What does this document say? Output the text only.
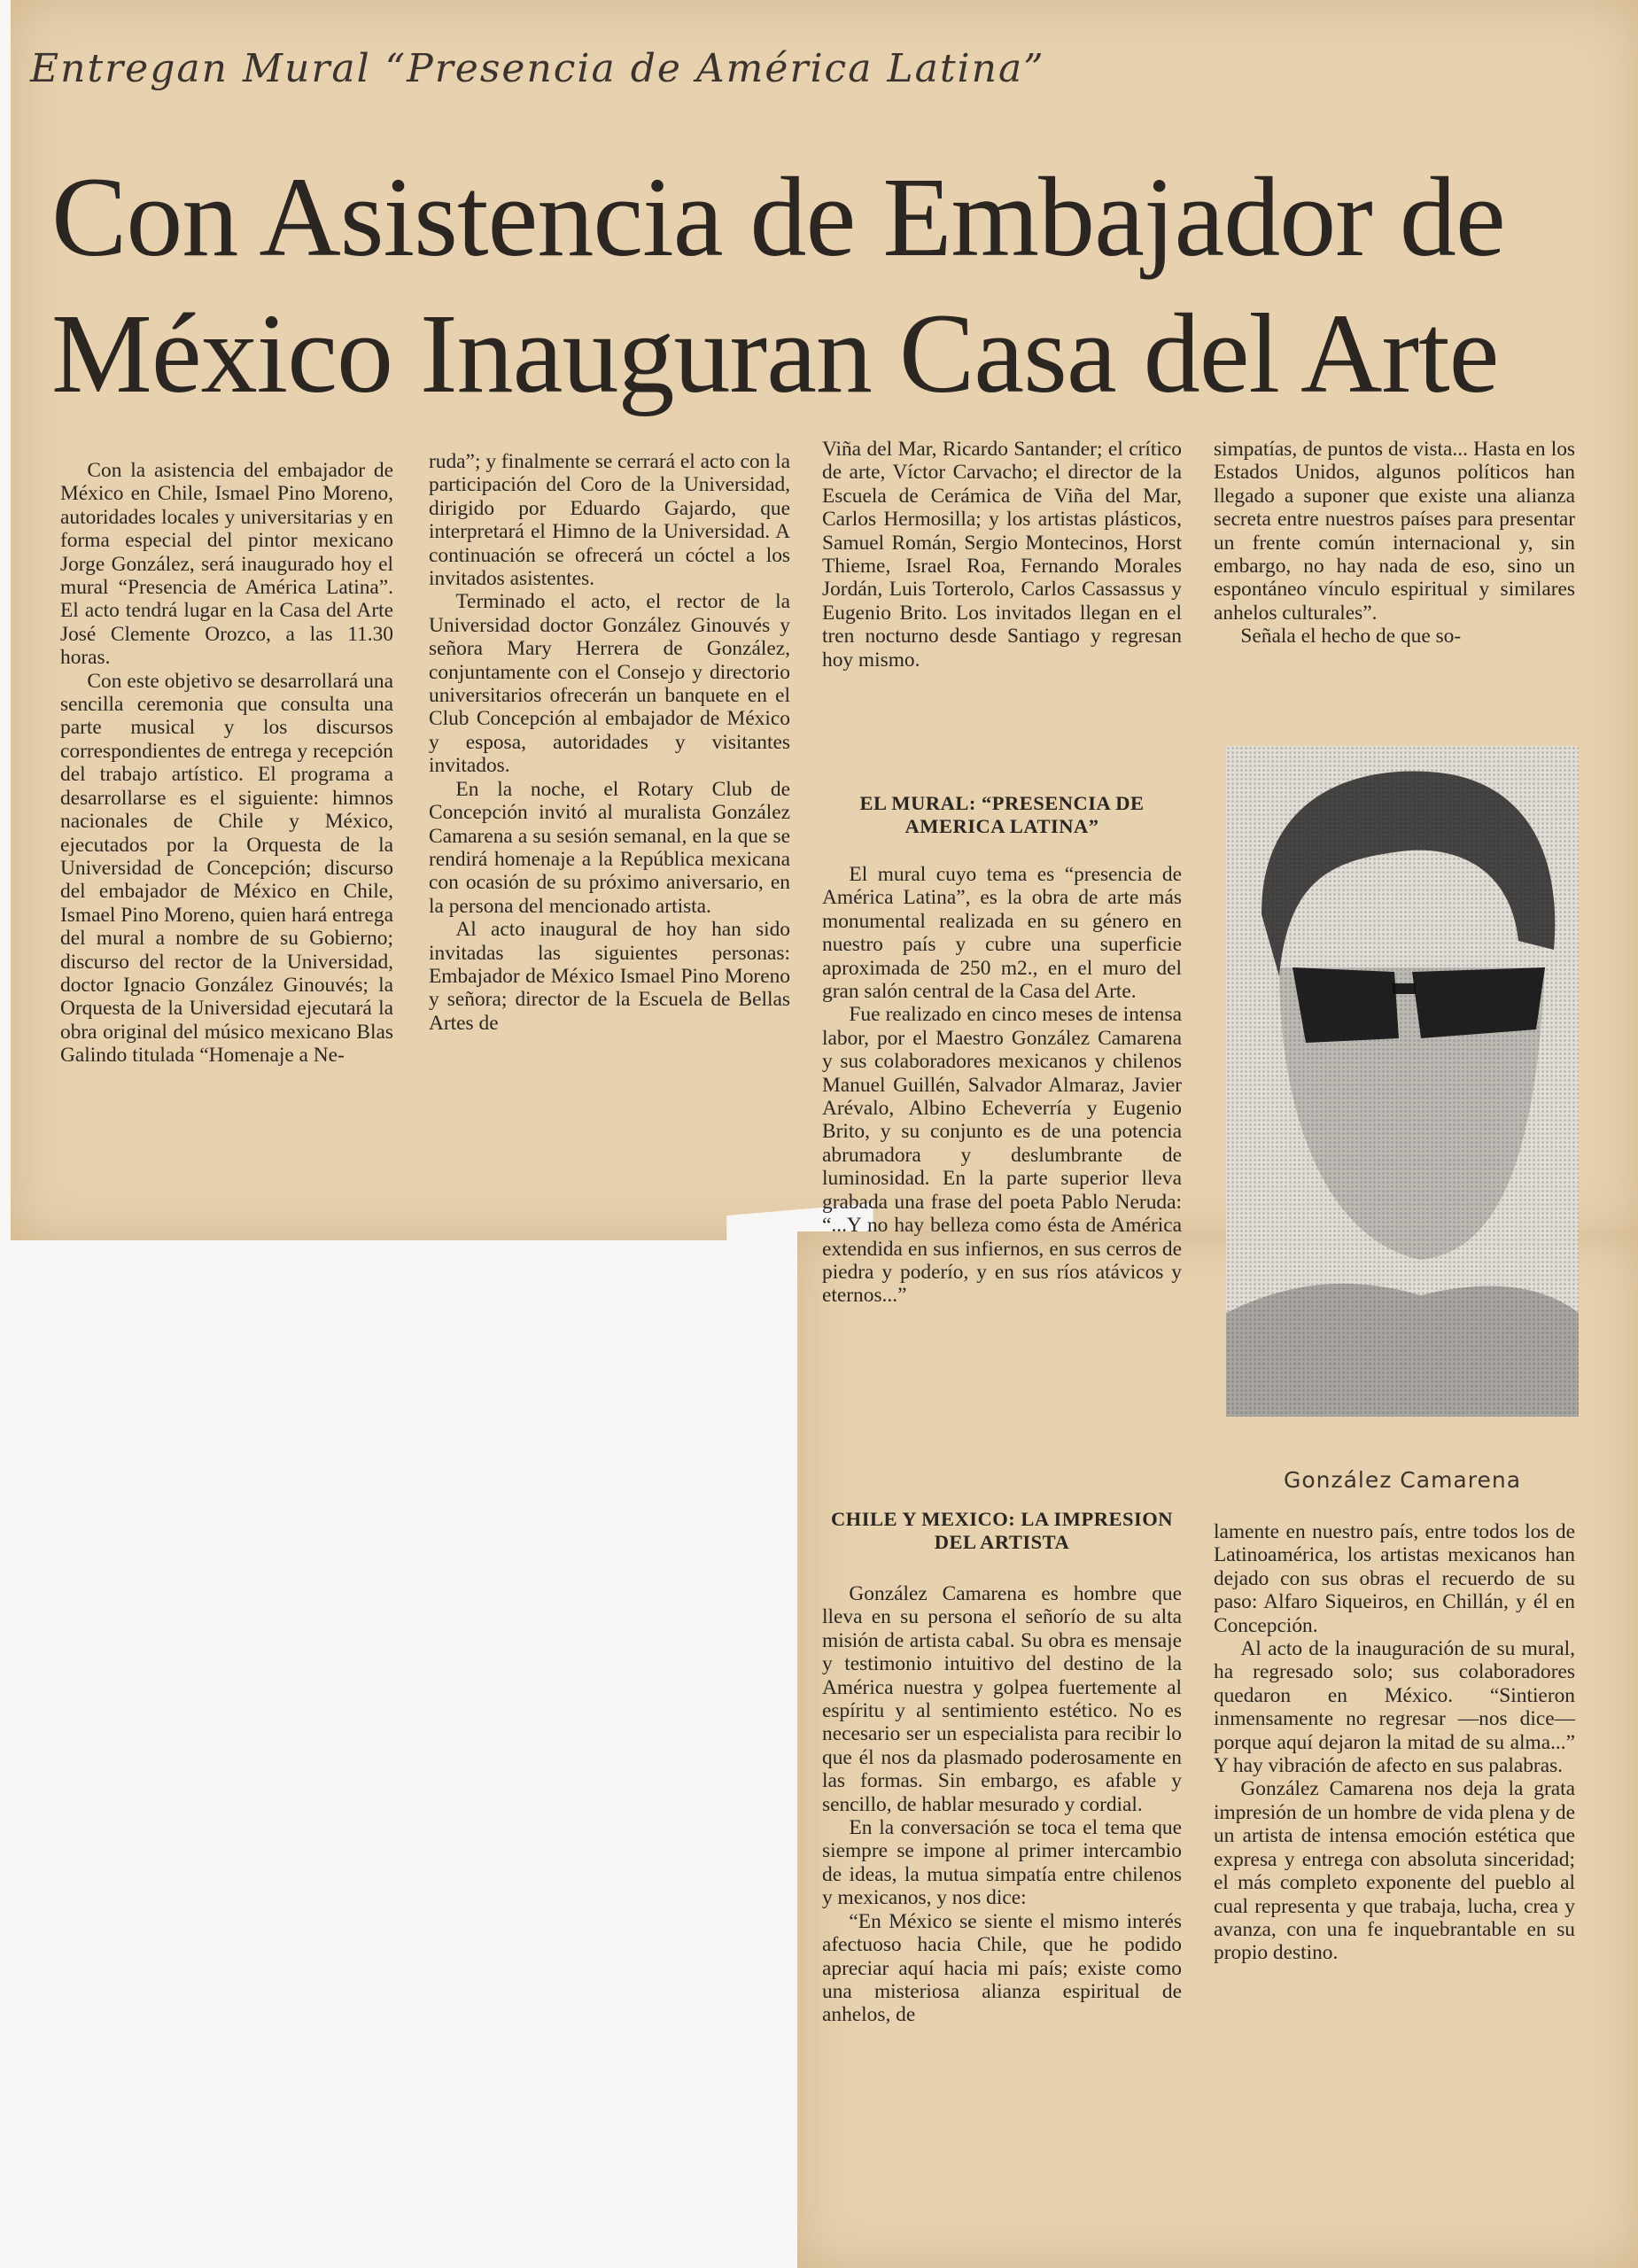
Entregan Mural “Presencia de América Latina”
Con Asistencia de Embajador de México Inauguran Casa del Arte

Con la asistencia del embajador de México en Chile, Ismael Pino Moreno, autoridades locales y universitarias y en forma especial del pintor mexicano Jorge González, será inaugurado hoy el mural “Presencia de América Latina”. El acto tendrá lugar en la Casa del Arte José Clemente Orozco, a las 11.30 horas.

Con este objetivo se desarrollará una sencilla ceremonia que consulta una parte musical y los discursos correspondientes de entrega y recepción del trabajo artístico. El programa a desarrollarse es el siguiente: himnos nacionales de Chile y México, ejecutados por la Orquesta de la Universidad de Concepción; discurso del embajador de México en Chile, Ismael Pino Moreno, quien hará entrega del mural a nombre de su Gobierno; discurso del rector de la Universidad, doctor Ignacio González Ginouvés; la Orquesta de la Universidad ejecutará la obra original del músico mexicano Blas Galindo titulada “Homenaje a Ne-

ruda”; y finalmente se cerrará el acto con la participación del Coro de la Universidad, dirigido por Eduardo Gajardo, que interpretará el Himno de la Universidad. A continuación se ofrecerá un cóctel a los invitados asistentes.

Terminado el acto, el rector de la Universidad doctor González Ginouvés y señora Mary Herrera de González, conjuntamente con el Consejo y directorio universitarios ofrecerán un banquete en el Club Concepción al embajador de México y esposa, autoridades y visitantes invitados.

En la noche, el Rotary Club de Concepción invitó al muralista González Camarena a su sesión semanal, en la que se rendirá homenaje a la República mexicana con ocasión de su próximo aniversario, en la persona del mencionado artista.

Al acto inaugural de hoy han sido invitadas las siguientes personas: Embajador de México Ismael Pino Moreno y señora; director de la Escuela de Bellas Artes de

Viña del Mar, Ricardo Santander; el crítico de arte, Víctor Carvacho; el director de la Escuela de Cerámica de Viña del Mar, Carlos Hermosilla; y los artistas plásticos, Samuel Román, Sergio Montecinos, Horst Thieme, Israel Roa, Fernando Morales Jordán, Luis Torterolo, Carlos Cassassus y Eugenio Brito. Los invitados llegan en el tren nocturno desde Santiago y regresan hoy mismo.

EL MURAL: “PRESENCIA DE AMERICA LATINA”

El mural cuyo tema es “presencia de América Latina”, es la obra de arte más monumental realizada en su género en nuestro país y cubre una superficie aproximada de 250 m2., en el muro del gran salón central de la Casa del Arte.

Fue realizado en cinco meses de intensa labor, por el Maestro González Camarena y sus colaboradores mexicanos y chilenos Manuel Guillén, Salvador Almaraz, Javier Arévalo, Albino Echeverría y Eugenio Brito, y su conjunto es de una potencia abrumadora y deslumbrante de luminosidad. En la parte superior lleva grabada una frase del poeta Pablo Neruda: “...Y no hay belleza como ésta de América extendida en sus infiernos, en sus cerros de piedra y poderío, y en sus ríos atávicos y eternos...”

CHILE Y MEXICO: LA IMPRESION DEL ARTISTA

González Camarena es hombre que lleva en su persona el señorío de su alta misión de artista cabal. Su obra es mensaje y testimonio intuitivo del destino de la América nuestra y golpea fuertemente al espíritu y al sentimiento estético. No es necesario ser un especialista para recibir lo que él nos da plasmado poderosamente en las formas. Sin embargo, es afable y sencillo, de hablar mesurado y cordial.

En la conversación se toca el tema que siempre se impone al primer intercambio de ideas, la mutua simpatía entre chilenos y mexicanos, y nos dice:

“En México se siente el mismo interés afectuoso hacia Chile, que he podido apreciar aquí hacia mi país; existe como una misteriosa alianza espiritual de anhelos, de

simpatías, de puntos de vista... Hasta en los Estados Unidos, algunos políticos han llegado a suponer que existe una alianza secreta entre nuestros países para presentar un frente común internacional y, sin embargo, no hay nada de eso, sino un espontáneo vínculo espiritual y similares anhelos culturales”.

Señala el hecho de que so-

González Camarena

lamente en nuestro país, entre todos los de Latinoamérica, los artistas mexicanos han dejado con sus obras el recuerdo de su paso: Alfaro Siqueiros, en Chillán, y él en Concepción.

Al acto de la inauguración de su mural, ha regresado solo; sus colaboradores quedaron en México. “Sintieron inmensamente no regresar —nos dice— porque aquí dejaron la mitad de su alma...” Y hay vibración de afecto en sus palabras.

González Camarena nos deja la grata impresión de un hombre de vida plena y de un artista de intensa emoción estética que expresa y entrega con absoluta sinceridad; el más completo exponente del pueblo al cual representa y que trabaja, lucha, crea y avanza, con una fe inquebrantable en su propio destino.
